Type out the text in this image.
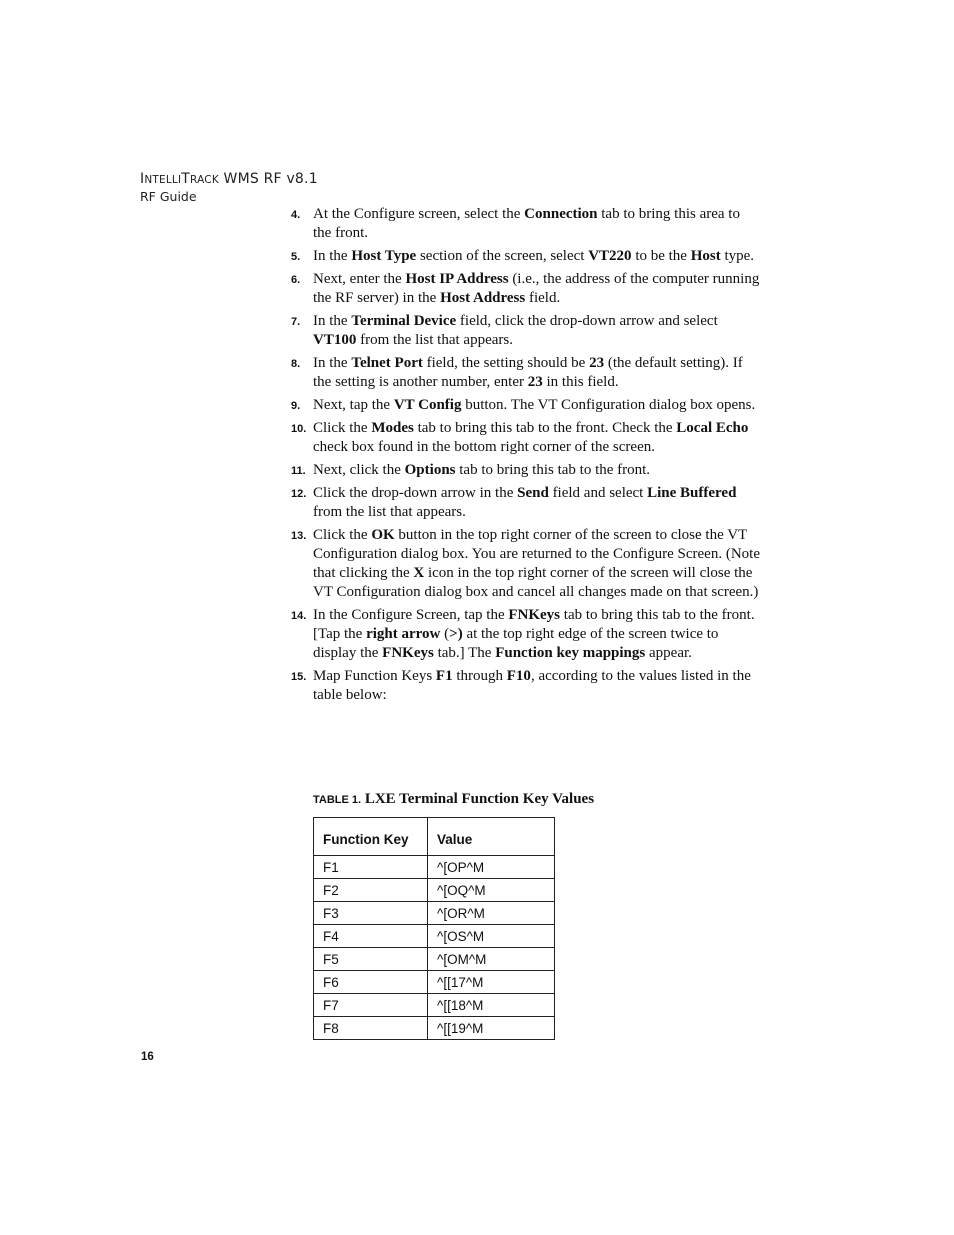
INTELLITRACK WMS RF v8.1
RF Guide
4. At the Configure screen, select the Connection tab to bring this area to the front.
5. In the Host Type section of the screen, select VT220 to be the Host type.
6. Next, enter the Host IP Address (i.e., the address of the computer running the RF server) in the Host Address field.
7. In the Terminal Device field, click the drop-down arrow and select VT100 from the list that appears.
8. In the Telnet Port field, the setting should be 23 (the default setting). If the setting is another number, enter 23 in this field.
9. Next, tap the VT Config button. The VT Configuration dialog box opens.
10. Click the Modes tab to bring this tab to the front. Check the Local Echo check box found in the bottom right corner of the screen.
11. Next, click the Options tab to bring this tab to the front.
12. Click the drop-down arrow in the Send field and select Line Buffered from the list that appears.
13. Click the OK button in the top right corner of the screen to close the VT Configuration dialog box. You are returned to the Configure Screen. (Note that clicking the X icon in the top right corner of the screen will close the VT Configuration dialog box and cancel all changes made on that screen.)
14. In the Configure Screen, tap the FNKeys tab to bring this tab to the front. [Tap the right arrow (>) at the top right edge of the screen twice to display the FNKeys tab.] The Function key mappings appear.
15. Map Function Keys F1 through F10, according to the values listed in the table below:
TABLE 1. LXE Terminal Function Key Values
Function Key	Value
F1	^[OP^M
F2	^[OQ^M
F3	^[OR^M
F4	^[OS^M
F5	^[OM^M
F6	^[[17^M
F7	^[[18^M
F8	^[[19^M
16
